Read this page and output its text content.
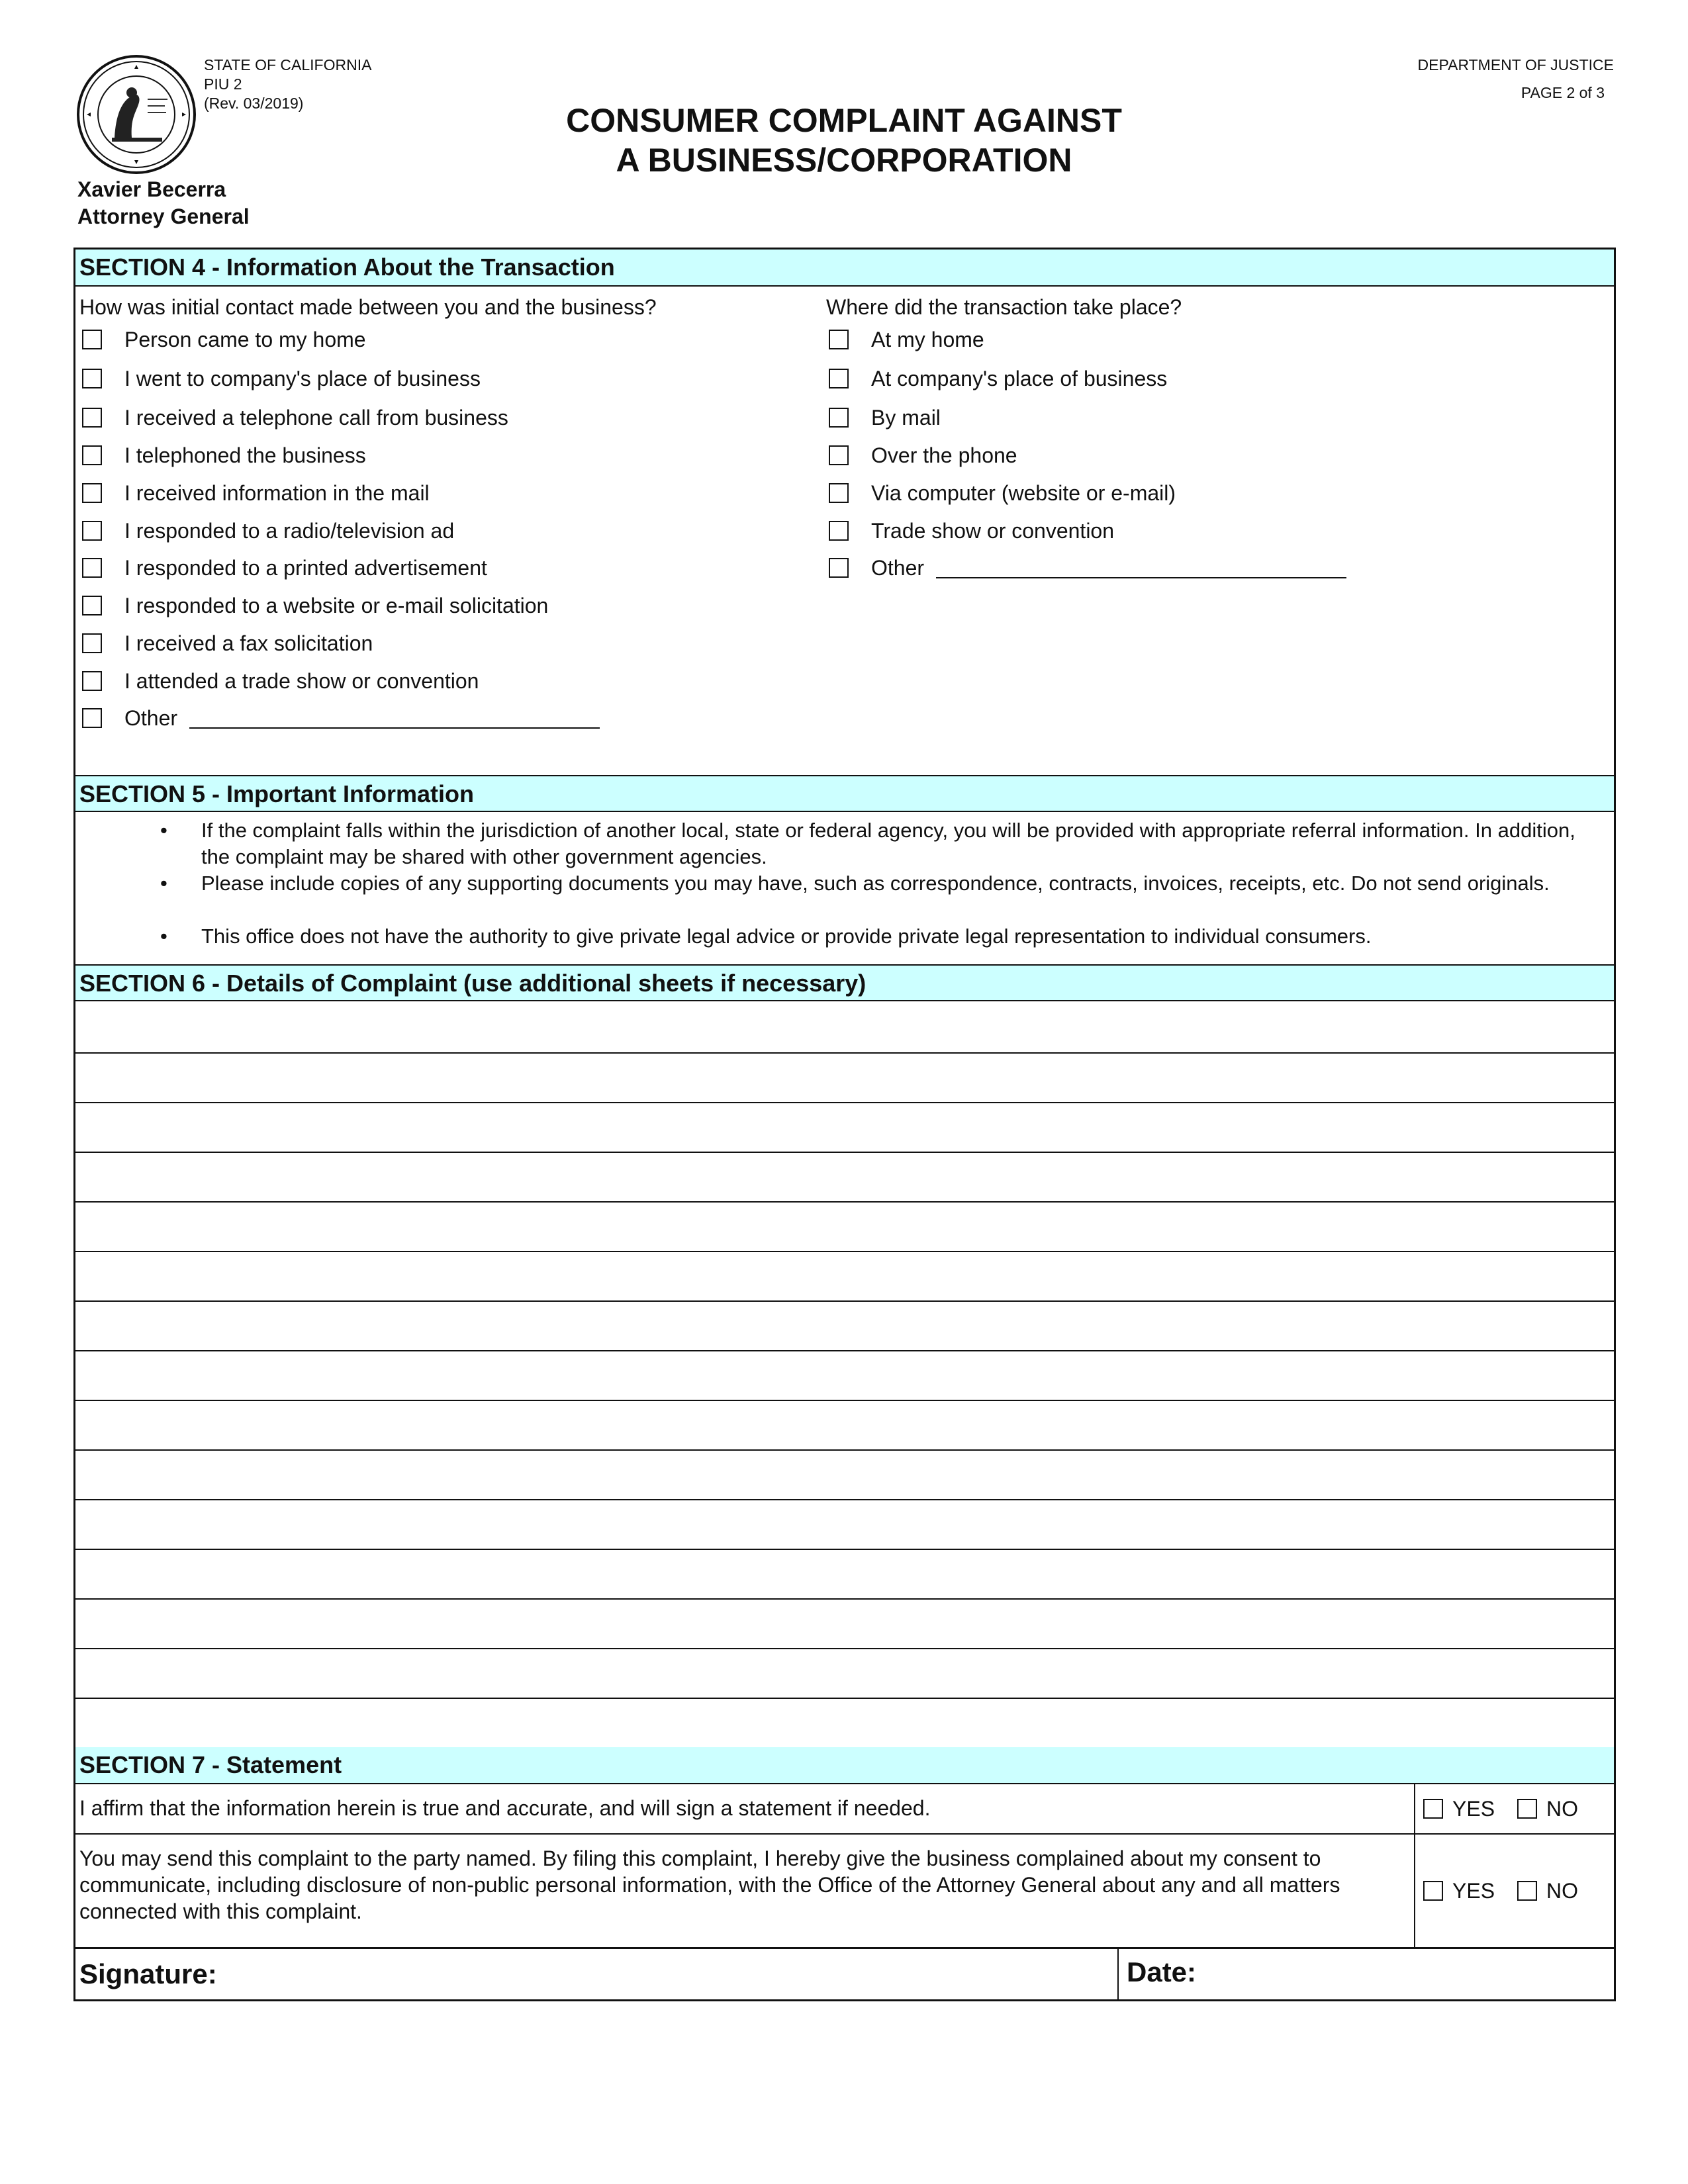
STATE OF CALIFORNIA
PIU 2
(Rev. 03/2019)
DEPARTMENT OF JUSTICE
PAGE 2 of 3
CONSUMER COMPLAINT AGAINST
A BUSINESS/CORPORATION
Xavier Becerra
Attorney General
SECTION 4 - Information About the Transaction
How was initial contact made between you and the business?	Where did the transaction take place?
Person came to my home
I went to company's place of business
I received a telephone call from business
I telephoned the business
I received information in the mail
I responded to a radio/television ad
I responded to a printed advertisement
I responded to a website or e-mail solicitation
I received a fax solicitation
I attended a trade show or convention
Other
At my home
At company's place of business
By mail
Over the phone
Via computer (website or e-mail)
Trade show or convention
Other
SECTION 5 - Important Information
•	If the complaint falls within the jurisdiction of another local, state or federal agency, you will be provided with appropriate referral information. In addition, the complaint may be shared with other government agencies.
•	Please include copies of any supporting documents you may have, such as correspondence, contracts, invoices, receipts, etc. Do not send originals.
•	This office does not have the authority to give private legal advice or provide private legal representation to individual consumers.
SECTION 6 - Details of Complaint (use additional sheets if necessary)
SECTION 7 - Statement
I affirm that the information herein is true and accurate, and will sign a statement if needed.	YES NO
You may send this complaint to the party named. By filing this complaint, I hereby give the business complained about my consent to communicate, including disclosure of non-public personal information, with the Office of the Attorney General about any and all matters connected with this complaint.
YES NO
Signature:	Date:
